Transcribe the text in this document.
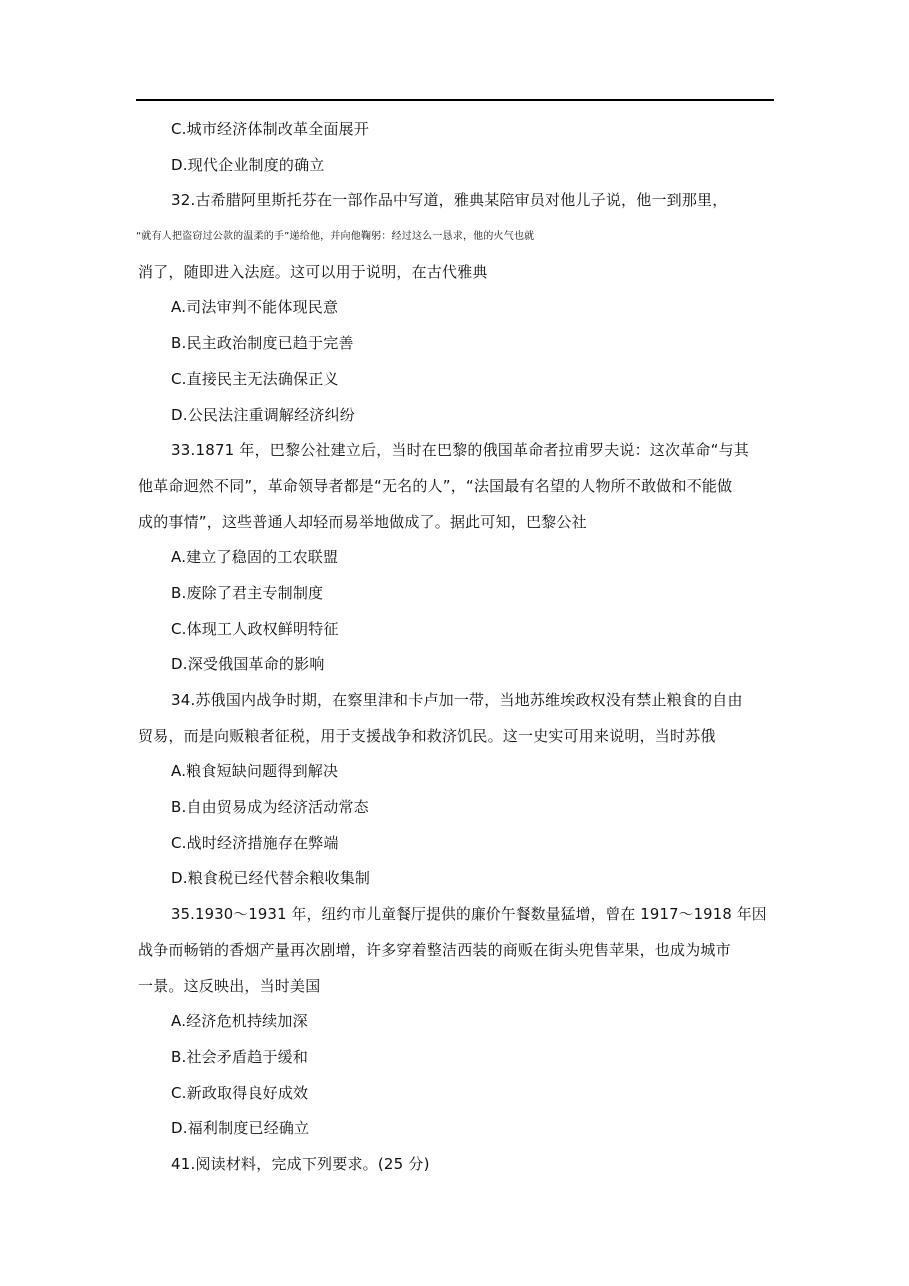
C.城市经济体制改革全面展开
D.现代企业制度的确立
32.古希腊阿里斯托芬在一部作品中写道，雅典某陪审员对他儿子说，他一到那里，
“就有人把盗窃过公款的温柔的手”递给他，并向他鞠躬：经过这么一恳求，他的火气也就
消了，随即进入法庭。这可以用于说明，在古代雅典
A.司法审判不能体现民意
B.民主政治制度已趋于完善
C.直接民主无法确保正义
D.公民法注重调解经济纠纷
33.1871 年，巴黎公社建立后，当时在巴黎的俄国革命者拉甫罗夫说：这次革命“与其
他革命迥然不同”，革命领导者都是“无名的人”，“法国最有名望的人物所不敢做和不能做
成的事情”，这些普通人却轻而易举地做成了。据此可知，巴黎公社
A.建立了稳固的工农联盟
B.废除了君主专制制度
C.体现工人政权鲜明特征
D.深受俄国革命的影响
34.苏俄国内战争时期，在察里津和卡卢加一带，当地苏维埃政权没有禁止粮食的自由
贸易，而是向贩粮者征税，用于支援战争和救济饥民。这一史实可用来说明，当时苏俄
A.粮食短缺问题得到解决
B.自由贸易成为经济活动常态
C.战时经济措施存在弊端
D.粮食税已经代替余粮收集制
35.1930～1931 年，纽约市儿童餐厅提供的廉价午餐数量猛增，曾在 1917～1918 年因
战争而畅销的香烟产量再次剧增，许多穿着整洁西装的商贩在街头兜售苹果，也成为城市
一景。这反映出，当时美国
A.经济危机持续加深
B.社会矛盾趋于缓和
C.新政取得良好成效
D.福利制度已经确立
41.阅读材料，完成下列要求。(25 分)
